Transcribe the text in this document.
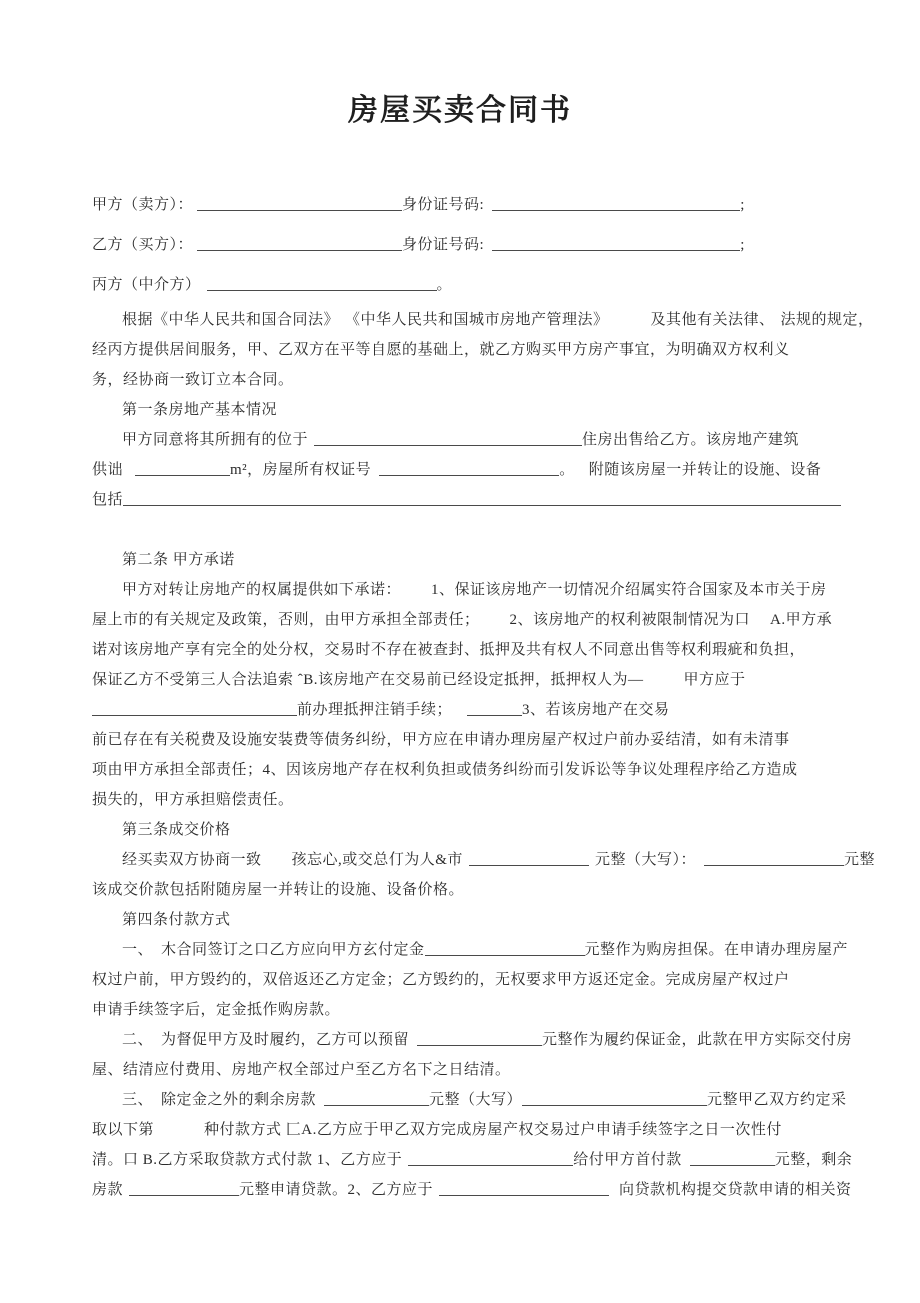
房屋买卖合同书
甲方（卖方）：	身份证号码:	;
乙方（买方）：	身份证号码:	;
丙方（中介方）	。
根据《中华人民共和国合同法》 《中华人民共和国城市房地产管理法》	及其他有关法律、 法规的规定，
经丙方提供居间服务，甲、乙双方在平等自愿的基础上，就乙方购买甲方房产事宜，为明确双方权利义
务，经协商一致订立本合同。
第一条房地产基本情况
甲方同意将其所拥有的位于	住房出售给乙方。该房地产建筑
供诎	m²，房屋所有权证号	。 附随该房屋一并转让的设施、设备
包括
第二条 甲方承诺
甲方对转让房地产的权属提供如下承诺： 1、保证该房地产一切情况介绍属实符合国家及本市关于房
屋上市的有关规定及政策，否则，由甲方承担全部责任； 2、该房地产的权利被限制情况为口 A.甲方承
诺对该房地产享有完全的处分权，交易时不存在被查封、抵押及共有权人不同意出售等权利瑕疵和负担，
保证乙方不受第三人合法追索 ˆB.该房地产在交易前已经设定抵押，抵押权人为—	甲方应于
前办理抵押注销手续；	3、若该房地产在交易
前已存在有关税费及设施安装费等债务纠纷，甲方应在申请办理房屋产权过户前办妥结清，如有未清事
项由甲方承担全部责任；4、因该房地产存在权利负担或债务纠纷而引发诉讼等争议处理程序给乙方造成
损失的，甲方承担赔偿责任。
第三条成交价格
经买卖双方协商一致 孩忘心,或交总仃为人&市	元整（大写）：	元整
该成交价款包括附随房屋一并转让的设施、设备价格。
第四条付款方式
一、 木合同签订之口乙方应向甲方玄付定金	元整作为购房担保。在申请办理房屋产
权过户前，甲方毁约的，双倍返还乙方定金；乙方毁约的，无权要求甲方返还定金。完成房屋产权过户
申请手续签字后，定金抵作购房款。
二、 为督促甲方及时履约，乙方可以预留	元整作为履约保证金，此款在甲方实际交付房
屋、结清应付费用、房地产权全部过户至乙方名下之日结清。
三、 除定金之外的剩余房款	元整（大写）	元整甲乙双方约定采
取以下第	种付款方式 匚A.乙方应于甲乙双方完成房屋产权交易过户申请手续签字之日一次性付
清。口 B.乙方采取贷款方式付款 1、乙方应于	给付甲方首付款	元整，剩余
房款	元整申请贷款。2、乙方应于	向贷款机构提交贷款申请的相关资
